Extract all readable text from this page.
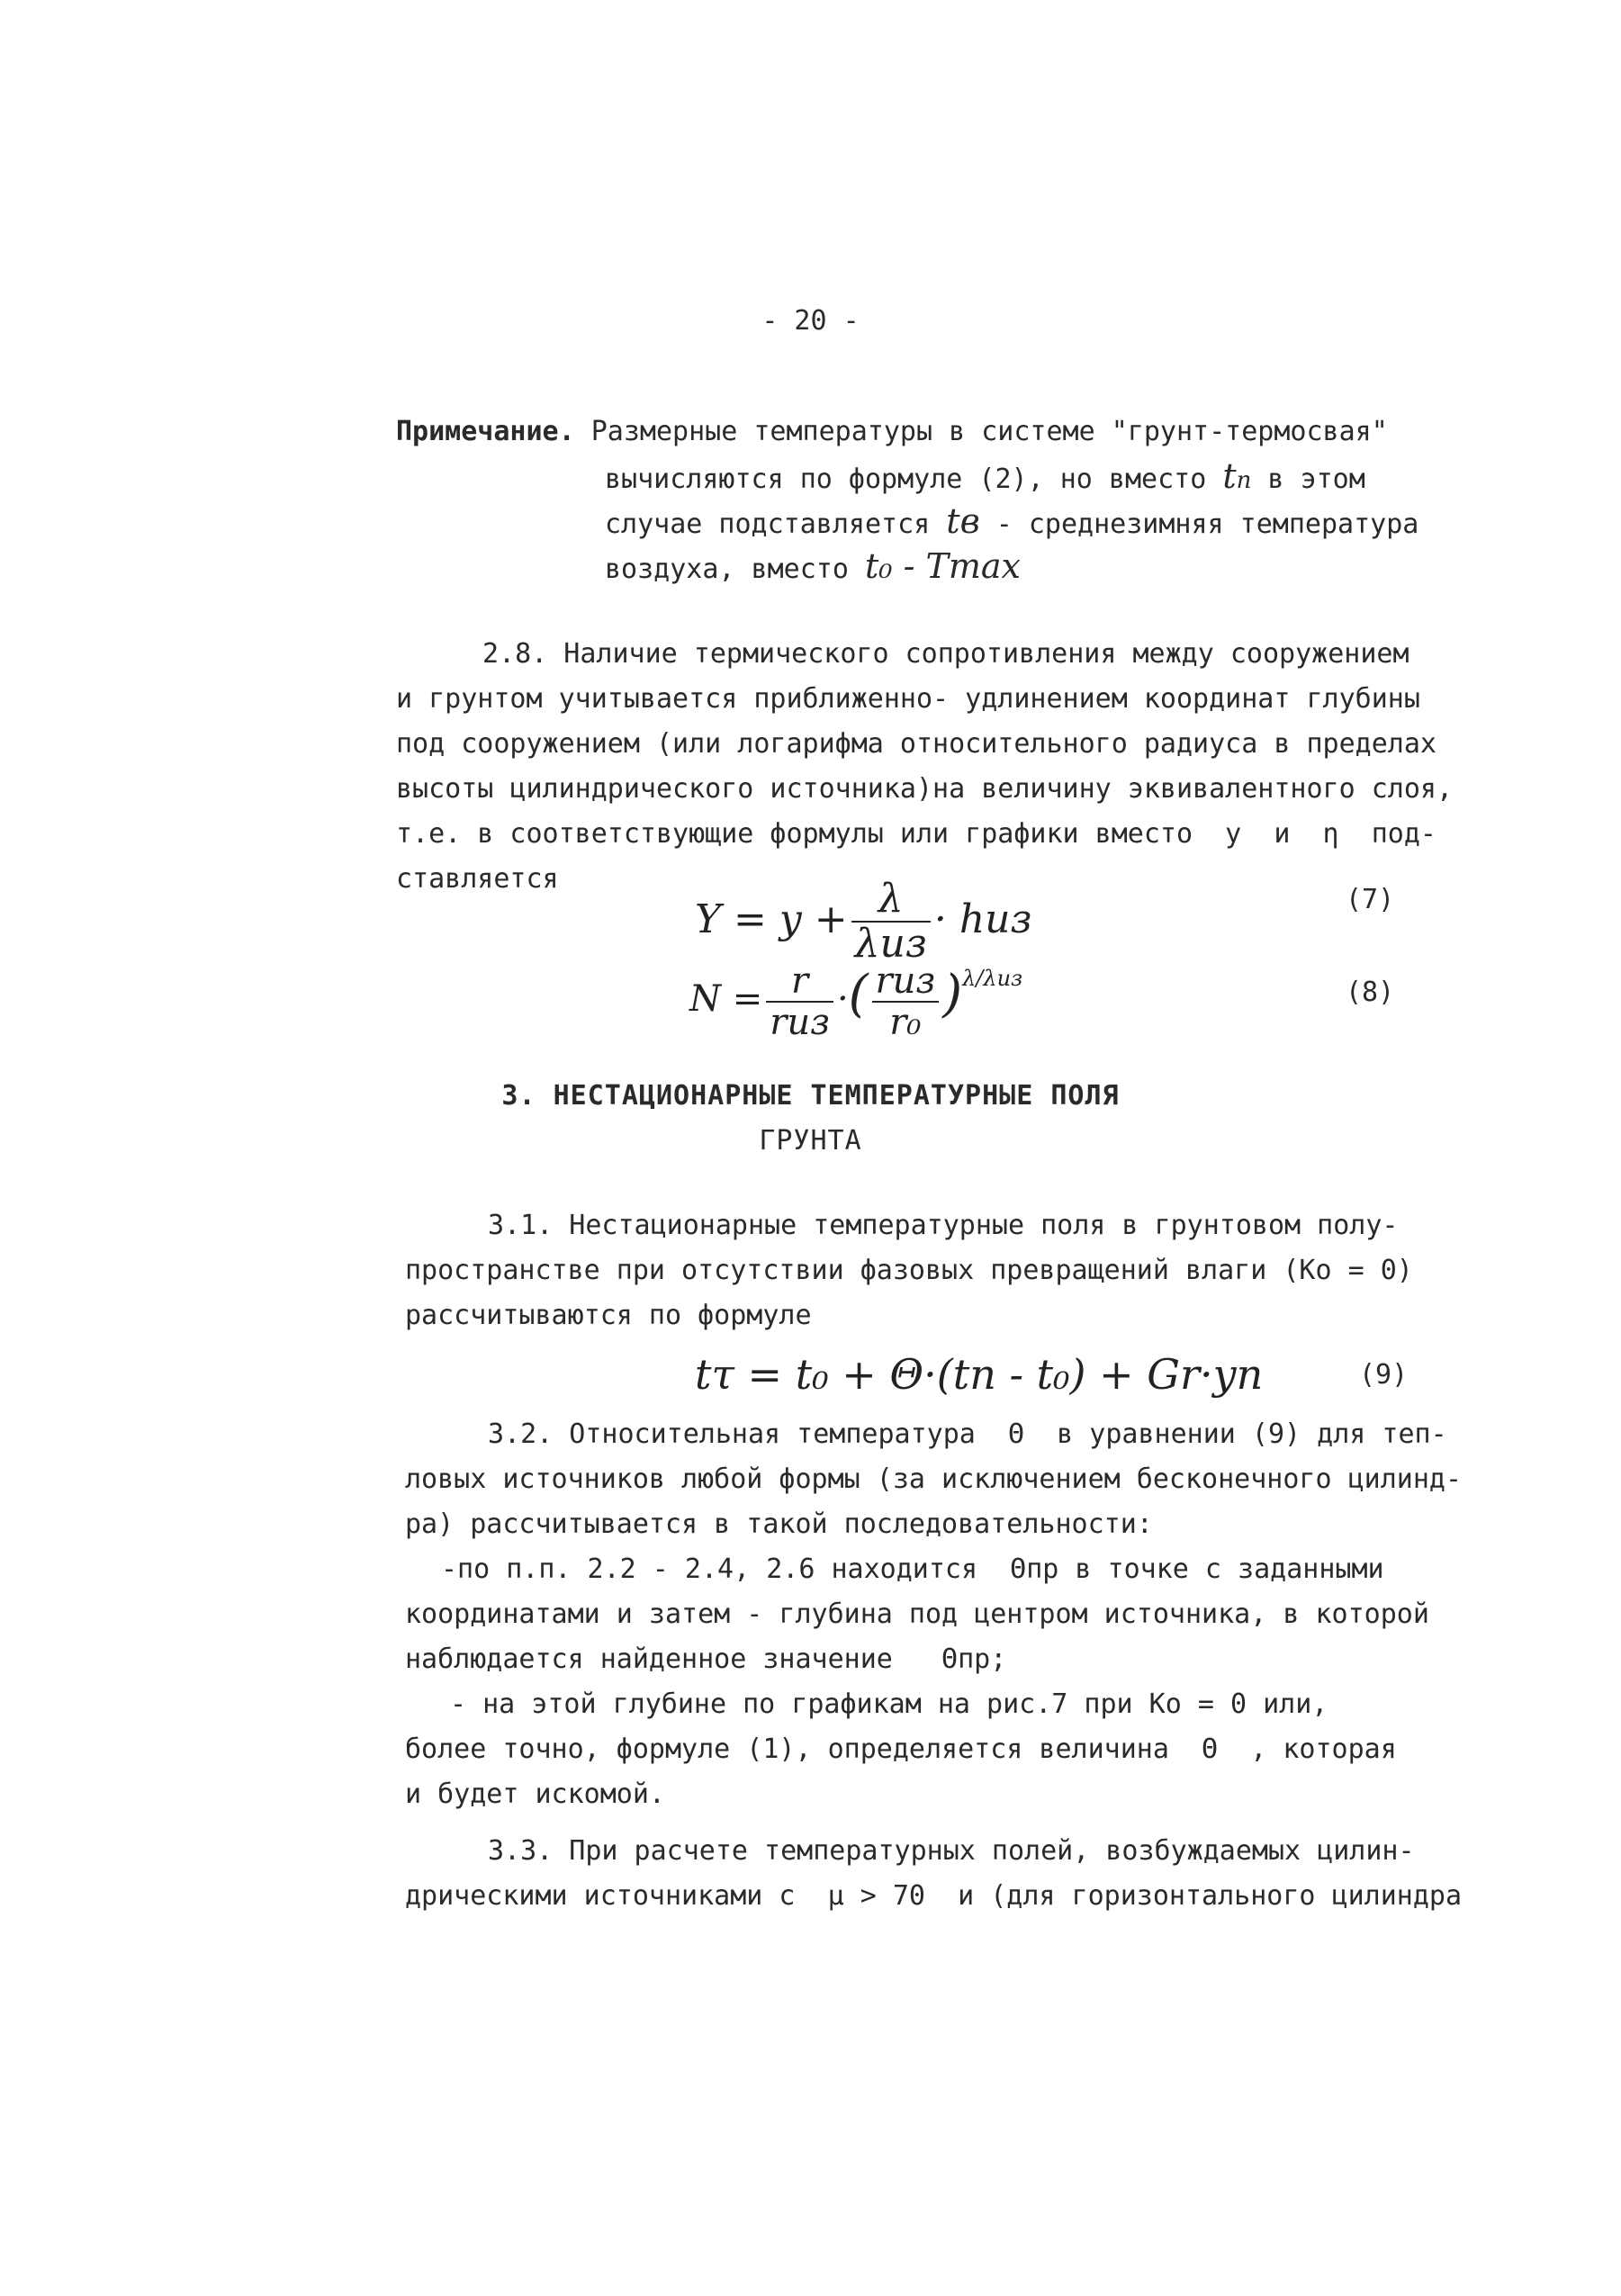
- 20 -
Примечание. Размерные температуры в системе "грунт-термосвая"
вычисляются по формуле (2), но вместо tп в этом
случае подставляется tв - среднезимняя температура
воздуха, вместо t₀ - Tmax
2.8. Наличие термического сопротивления между сооружением
и грунтом учитывается приближенно- удлинением координат глубины
под сооружением (или логарифма относительного радиуса в пределах
высоты цилиндрического источника)на величину эквивалентного слоя,
т.е. в соответствующие формулы или графики вместо  у  и  η  под-
ставляется
$Y = y + \frac{\lambda}{\text{λиз}}$ · hиз	(7)
$N = \frac{r}{\text{rиз}}$ ·( $\frac{\text{rиз}}{\text{r₀}} )^{\lambda/\lambda из}$	(8)
3. НЕСТАЦИОНАРНЫЕ ТЕМПЕРАТУРНЫЕ ПОЛЯ
ГРУНТА
3.1. Нестационарные температурные поля в грунтовом полу-
пространстве при отсутствии фазовых превращений влаги (Ко = 0)
рассчитываются по формуле
tτ = t₀ + Θ·(tп - t₀) + Gr·yп	(9)
3.2. Относительная температура  Θ  в уравнении (9) для теп-
ловых источников любой формы (за исключением бесконечного цилинд-
ра) рассчитывается в такой последовательности:
-по п.п. 2.2 - 2.4, 2.6 находится  Θпр в точке с заданными
координатами и затем - глубина под центром источника, в которой
наблюдается найденное значение   Θпр;
- на этой глубине по графикам на рис.7 при Ко = 0 или,
более точно, формуле (1), определяется величина  Θ  , которая
и будет искомой.
3.3. При расчете температурных полей, возбуждаемых цилин-
дрическими источниками с  μ > 70  и (для горизонтального цилиндра
